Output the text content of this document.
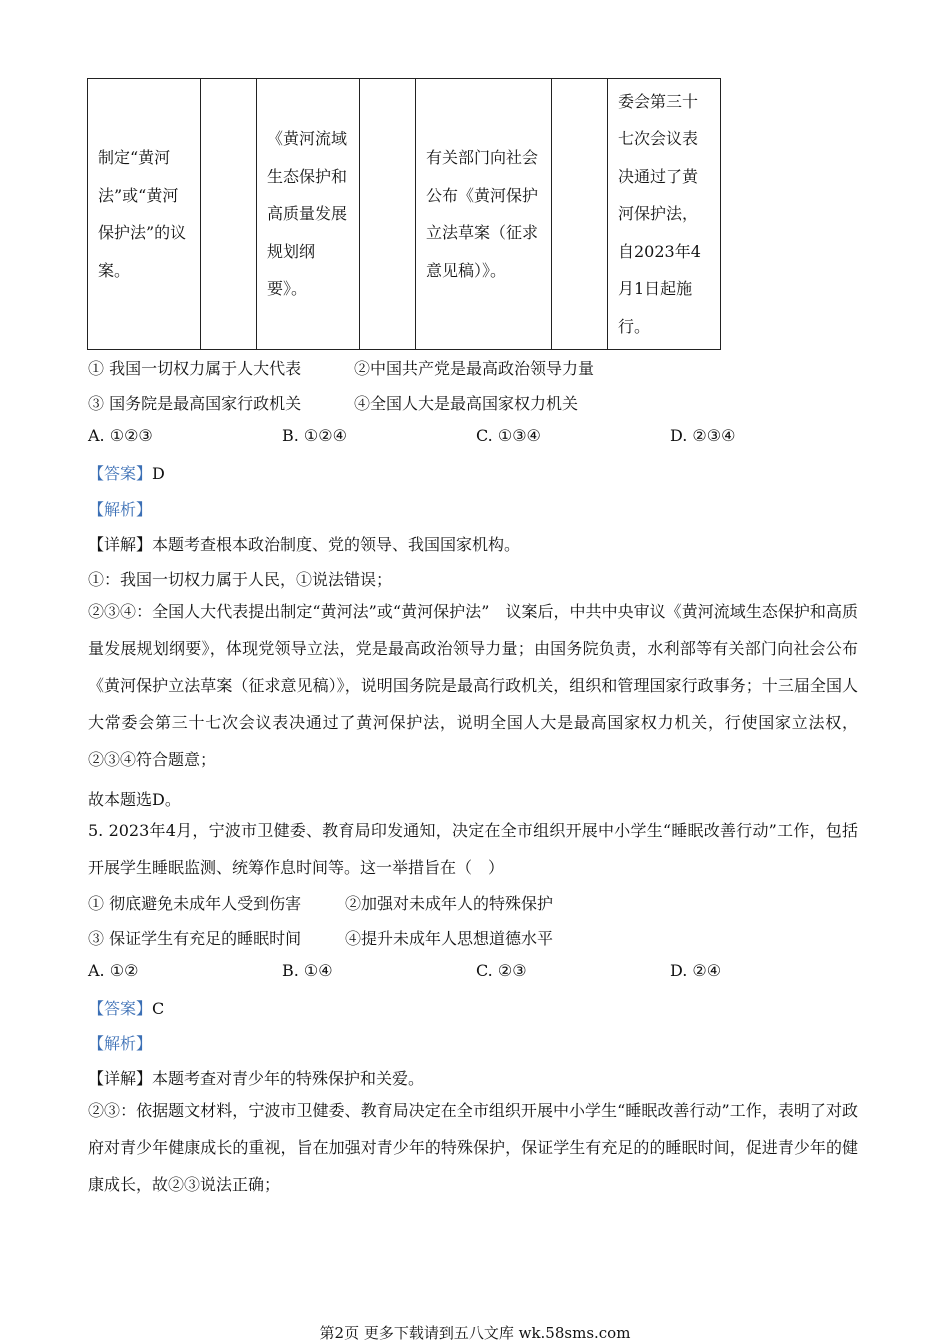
制定“黄河法”或“黄河保护法”的议案。		《黄河流域生态保护和高质量发展规划纲要》。		有关部门向社会公布《黄河保护立法草案（征求意见稿）》。		委会第三十七次会议表决通过了黄河保护法，自2023年4月1日起施行。
① 我国一切权力属于人大代表	②中国共产党是最高政治领导力量
③ 国务院是最高国家行政机关	④全国人大是最高国家权力机关
A. ①②③	B. ①②④	C. ①③④	D. ②③④
【答案】D
【解析】
【详解】本题考查根本政治制度、党的领导、我国国家机构。
①：我国一切权力属于人民，①说法错误；
②③④：全国人大代表提出制定“黄河法”或“黄河保护法”　议案后，中共中央审议《黄河流域生态保护和高质量发展规划纲要》，体现党领导立法，党是最高政治领导力量；由国务院负责，水利部等有关部门向社会公布《黄河保护立法草案（征求意见稿）》，说明国务院是最高行政机关，组织和管理国家行政事务；十三届全国人大常委会第三十七次会议表决通过了黄河保护法，说明全国人大是最高国家权力机关，行使国家立法权，②③④符合题意；
故本题选D。
5. 2023年4月，宁波市卫健委、教育局印发通知，决定在全市组织开展中小学生“睡眠改善行动”工作，包括开展学生睡眠监测、统筹作息时间等。这一举措旨在（　）
① 彻底避免未成年人受到伤害	②加强对未成年人的特殊保护
③ 保证学生有充足的睡眠时间	④提升未成年人思想道德水平
A. ①②	B. ①④	C. ②③	D. ②④
【答案】C
【解析】
【详解】本题考查对青少年的特殊保护和关爱。
②③：依据题文材料，宁波市卫健委、教育局决定在全市组织开展中小学生“睡眠改善行动”工作，表明了对政府对青少年健康成长的重视，旨在加强对青少年的特殊保护，保证学生有充足的的睡眠时间，促进青少年的健康成长，故②③说法正确；
第2页 更多下载请到五八文库 wk.58sms.com
